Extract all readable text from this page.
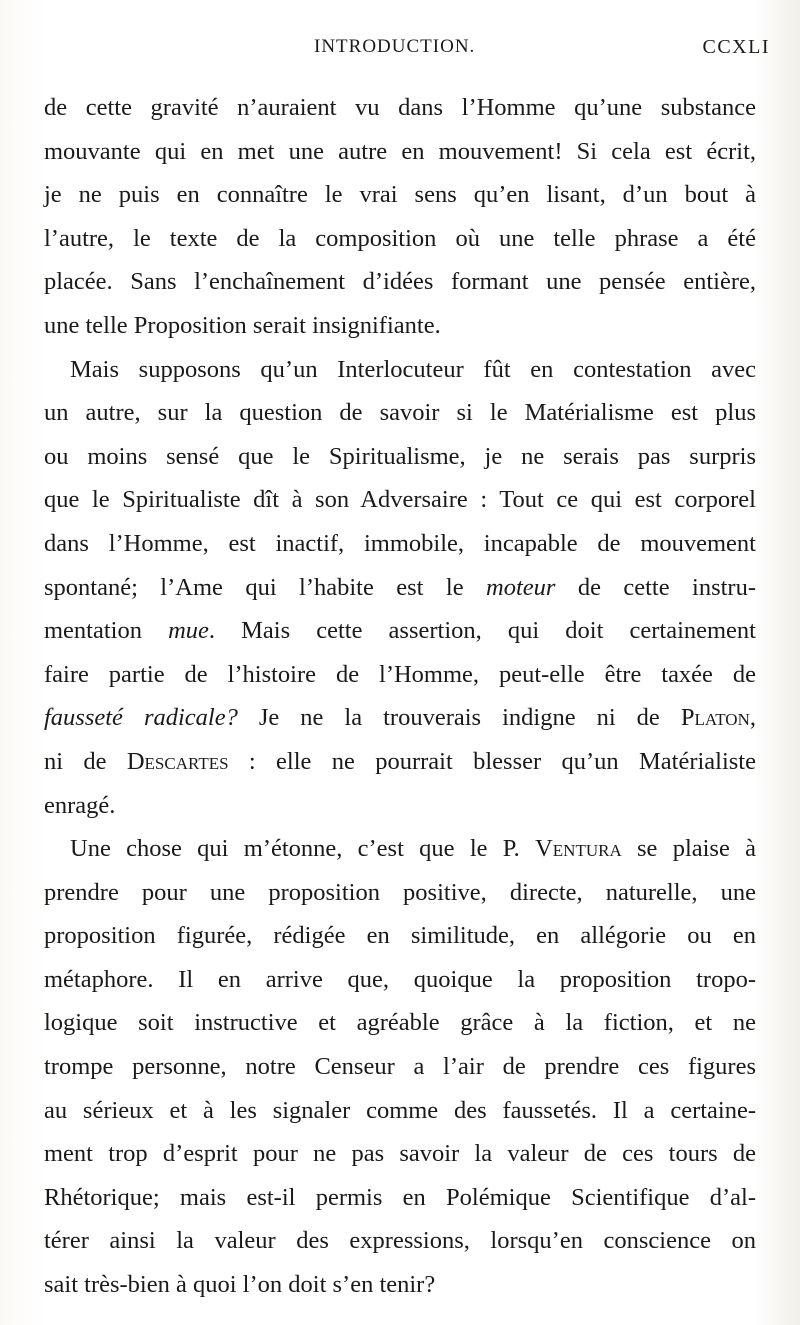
INTRODUCTION.	CCXLI
de cette gravité n’auraient vu dans l’Homme qu’une substance
mouvante qui en met une autre en mouvement! Si cela est écrit,
je ne puis en connaître le vrai sens qu’en lisant, d’un bout à
l’autre, le texte de la composition où une telle phrase a été
placée. Sans l’enchaînement d’idées formant une pensée entière,
une telle Proposition serait insignifiante.
Mais supposons qu’un Interlocuteur fût en contestation avec
un autre, sur la question de savoir si le Matérialisme est plus
ou moins sensé que le Spiritualisme, je ne serais pas surpris
que le Spiritualiste dît à son Adversaire : Tout ce qui est corporel
dans l’Homme, est inactif, immobile, incapable de mouvement
spontané; l’Ame qui l’habite est le moteur de cette instru-
mentation mue. Mais cette assertion, qui doit certainement
faire partie de l’histoire de l’Homme, peut-elle être taxée de
fausseté radicale? Je ne la trouverais indigne ni de Platon,
ni de Descartes : elle ne pourrait blesser qu’un Matérialiste
enragé.
Une chose qui m’étonne, c’est que le P. Ventura se plaise à
prendre pour une proposition positive, directe, naturelle, une
proposition figurée, rédigée en similitude, en allégorie ou en
métaphore. Il en arrive que, quoique la proposition tropo-
logique soit instructive et agréable grâce à la fiction, et ne
trompe personne, notre Censeur a l’air de prendre ces figures
au sérieux et à les signaler comme des faussetés. Il a certaine-
ment trop d’esprit pour ne pas savoir la valeur de ces tours de
Rhétorique; mais est-il permis en Polémique Scientifique d’al-
térer ainsi la valeur des expressions, lorsqu’en conscience on
sait très-bien à quoi l’on doit s’en tenir?
